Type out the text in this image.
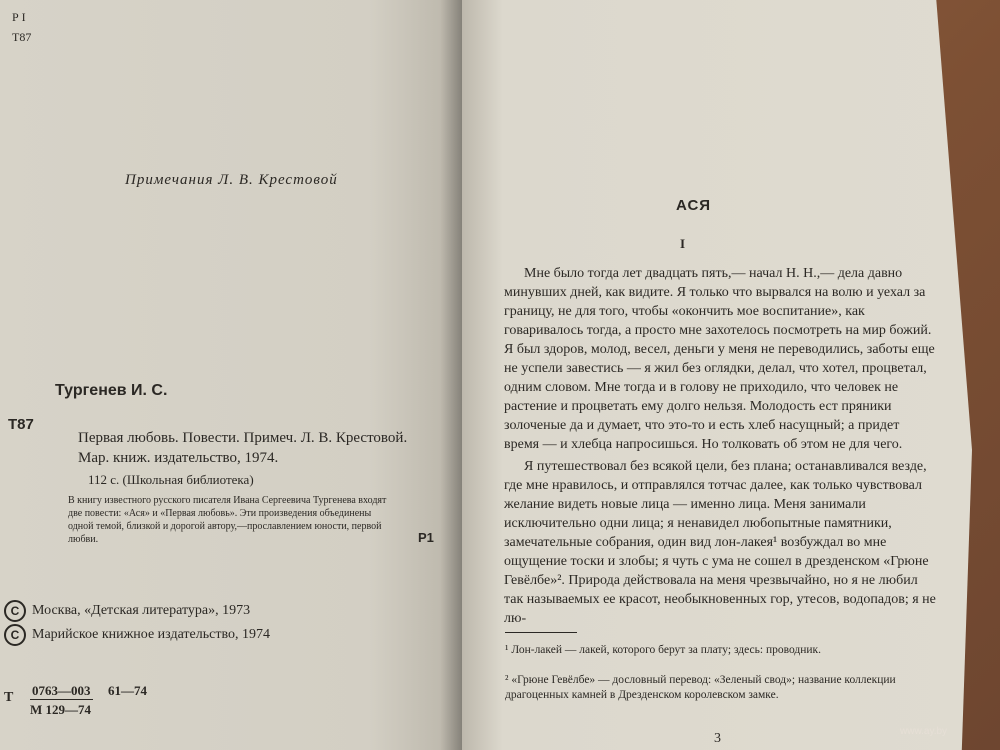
Р I
Т87
Примечания Л. В. Крестовой
Тургенев И. С.
Т87
Первая любовь. Повести. Примеч. Л. В. Крестовой. Мар. книж. издательство, 1974.
112 с. (Школьная библиотека)
В книгу известного русского писателя Ивана Сергеевича Тургенева входят две повести: «Ася» и «Первая любовь». Эти произведения объединены одной темой, близкой и дорогой автору,—прославлением юности, первой любви.	Р1
С Москва, «Детская литература», 1973
С Марийское книжное издательство, 1974
Т 0763—003 61—74
М 129—74
АСЯ
I

Мне было тогда лет двадцать пять,— начал Н. Н.,— дела давно минувших дней, как видите. Я только что вырвался на волю и уехал за границу, не для того, чтобы «окончить мое воспитание», как говаривалось тогда, а просто мне захотелось посмотреть на мир божий. Я был здоров, молод, весел, деньги у меня не переводились, заботы еще не успели завестись — я жил без оглядки, делал, что хотел, процветал, одним словом. Мне тогда и в голову не приходило, что человек не растение и процветать ему долго нельзя. Молодость ест пряники золоченые да и думает, что это-то и есть хлеб насущный; а придет время — и хлебца напросишься. Но толковать об этом не для чего.

Я путешествовал без всякой цели, без плана; останавливался везде, где мне нравилось, и отправлялся тотчас далее, как только чувствовал желание видеть новые лица — именно лица. Меня занимали исключительно одни лица; я ненавидел любопытные памятники, замечательные собрания, один вид лон-лакея¹ возбуждал во мне ощущение тоски и злобы; я чуть с ума не сошел в дрезденском «Грюне Гевёлбе»². Природа действовала на меня чрезвычайно, но я не любил так называемых ее красот, необыкновенных гор, утесов, водопадов; я не лю-

¹ Лон-лакей — лакей, которого берут за плату; здесь: проводник.
² «Грюне Гевёлбе» — дословный перевод: «Зеленый свод»; название коллекции драгоценных камней в Дрезденском королевском замке.
3	www.ay.by
